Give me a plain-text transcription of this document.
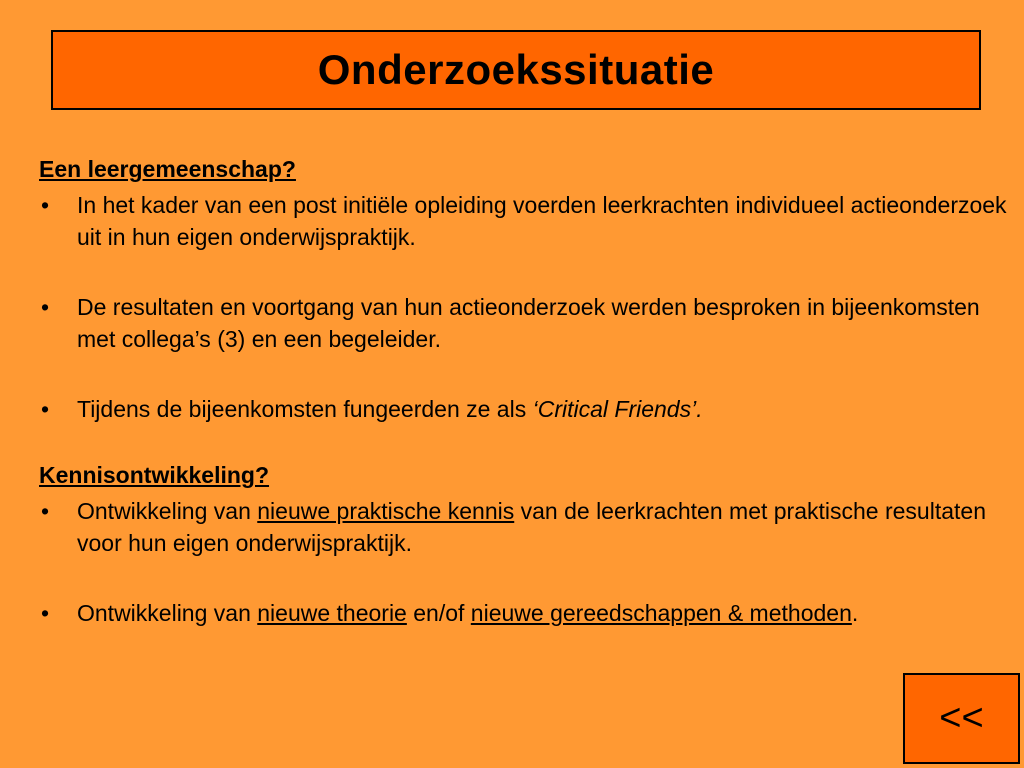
Onderzoekssituatie
Een leergemeenschap?
•	In het kader van een post initiële opleiding voerden leerkrachten individueel actieonderzoek uit in hun eigen onderwijspraktijk.
•	De resultaten en voortgang van hun actieonderzoek werden besproken in bijeenkomsten met collega’s (3) en een begeleider.
•	Tijdens de bijeenkomsten fungeerden ze als ‘Critical Friends’.
Kennisontwikkeling?
•	Ontwikkeling van nieuwe praktische kennis van de leerkrachten met praktische resultaten voor hun eigen onderwijspraktijk.
•	Ontwikkeling van nieuwe theorie en/of nieuwe gereedschappen & methoden.
<<
